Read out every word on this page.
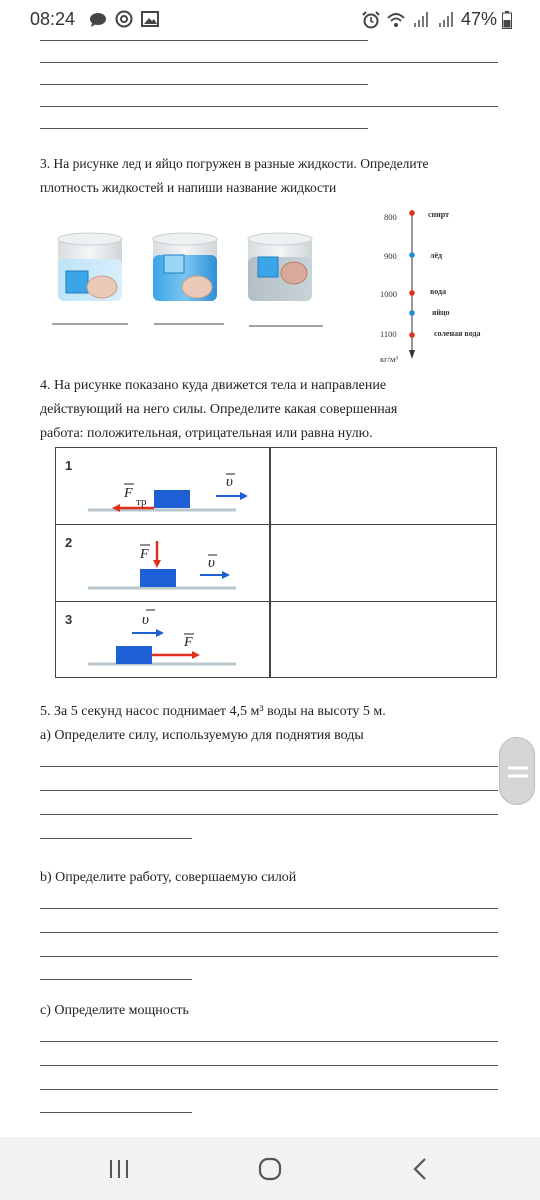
08:24	47%

3. На рисунке лед и яйцо погружен в разные жидкости. Определите

плотность жидкостей и напиши название жидкости

800
900
1000
1100
кг/м³
спирт
лёд
вода
яйцо
соленая вода

4. На рисунке показано куда движется тела и направление

действующий на него силы. Определите какая совершенная

работа: положительная, отрицательная или равна нулю.

1
F
тр
υ
2
F
υ
3
F
υ

5. За 5 секунд насос поднимает 4,5 м³ воды на высоту 5 м.

а) Определите силу, используемую для поднятия воды

b) Определите работу, совершаемую силой

c) Определите мощность
